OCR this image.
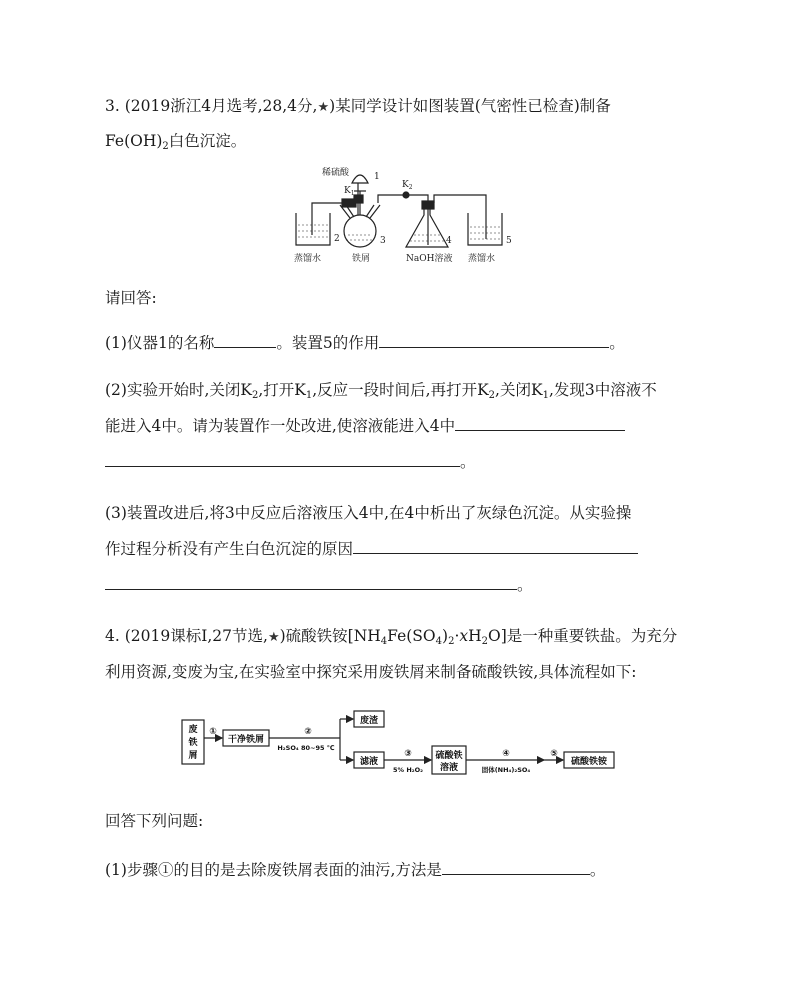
3. (2019浙江4月选考,28,4分,★)某同学设计如图装置(气密性已检查)制备
$Fe(OH)_2$白色沉淀。
稀硫酸	1
$K_1$
$K_2$
2	3	4	5
蒸馏水	铁屑	NaOH溶液 蒸馏水
请回答:
(1)仪器1的名称	。装置5的作用	。
(2)实验开始时,关闭$K_2$,打开$K_1$,反应一段时间后,再打开$K_2$,关闭$K_1$,发现3中溶液不
能进入4中。请为装置作一处改进,使溶液能进入4中
。
(3)装置改进后,将3中反应后溶液压入4中,在4中析出了灰绿色沉淀。从实验操
作过程分析没有产生白色沉淀的原因
。
4. (2019课标Ⅰ,27节选,★)硫酸铁铵$[NH_4Fe(SO_4)_2\cdot xH_2O]$是一种重要铁盐。为充分
利用资源,变废为宝,在实验室中探究采用废铁屑来制备硫酸铁铵,具体流程如下:
废
铁
屑
①
干净铁屑
②
H₂SO₄ 80~95 ℃
废渣
滤液
③
5% H₂O₂
硫酸铁
溶液
④
固体(NH₄)₂SO₄
⑤
硫酸铁铵
回答下列问题:
(1)步骤①的目的是去除废铁屑表面的油污,方法是	。
